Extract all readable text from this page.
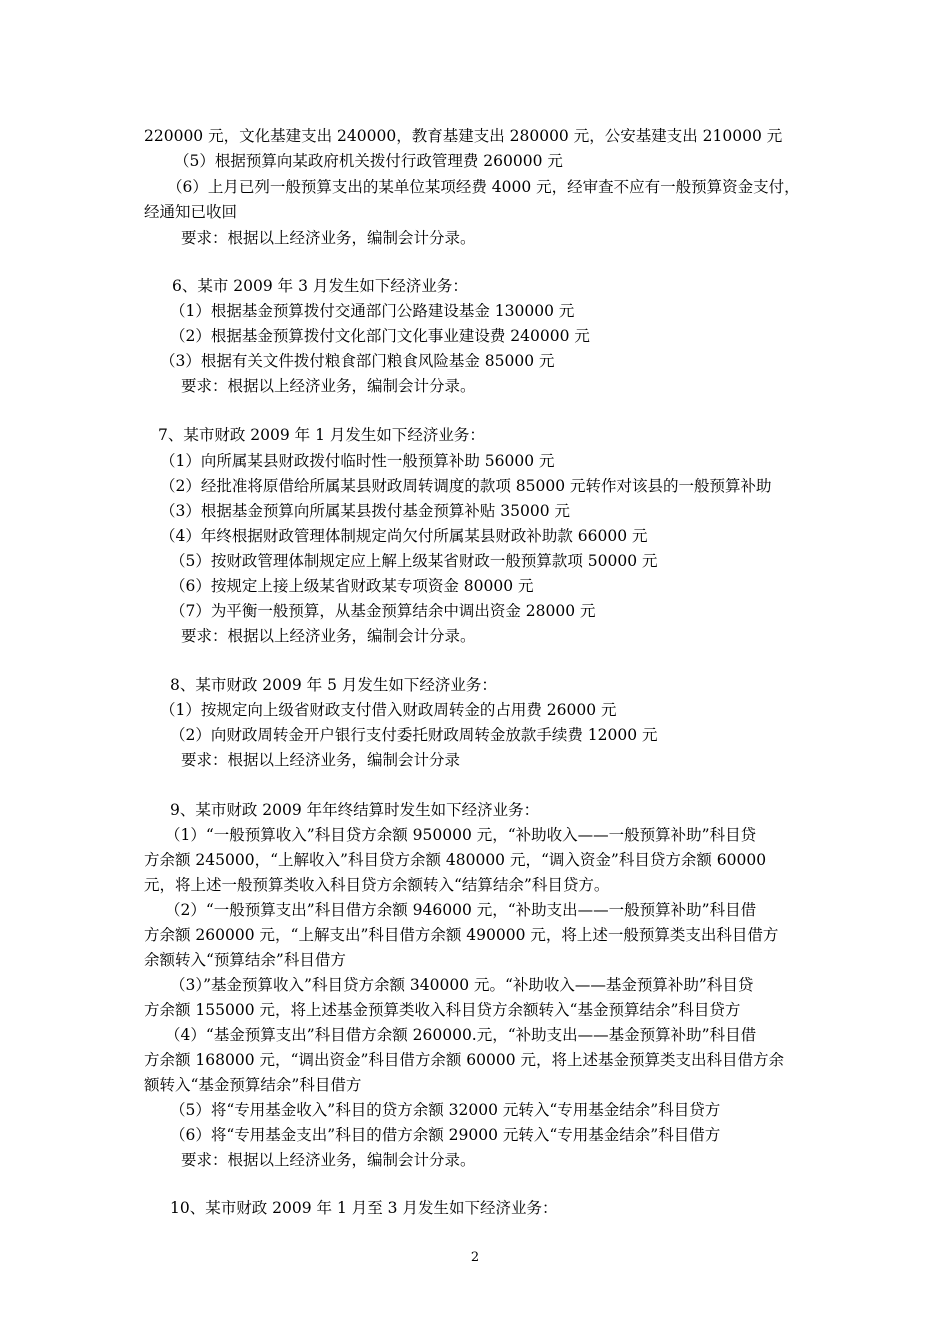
220000 元，文化基建支出 240000，教育基建支出 280000 元，公安基建支出 210000 元
（5）根据预算向某政府机关拨付行政管理费 260000 元
（6）上月已列一般预算支出的某单位某项经费 4000 元，经审查不应有一般预算资金支付，
经通知已收回
要求：根据以上经济业务，编制会计分录。
6、某市 2009 年 3 月发生如下经济业务：
（1）根据基金预算拨付交通部门公路建设基金 130000 元
（2）根据基金预算拨付文化部门文化事业建设费 240000 元
（3）根据有关文件拨付粮食部门粮食风险基金 85000 元
要求：根据以上经济业务，编制会计分录。
7、某市财政 2009 年 1 月发生如下经济业务：
（1）向所属某县财政拨付临时性一般预算补助 56000 元
（2）经批准将原借给所属某县财政周转调度的款项 85000 元转作对该县的一般预算补助
（3）根据基金预算向所属某县拨付基金预算补贴 35000 元
（4）年终根据财政管理体制规定尚欠付所属某县财政补助款 66000 元
（5）按财政管理体制规定应上解上级某省财政一般预算款项 50000 元
（6）按规定上接上级某省财政某专项资金 80000 元
（7）为平衡一般预算，从基金预算结余中调出资金 28000 元
要求：根据以上经济业务，编制会计分录。
8、某市财政 2009 年 5 月发生如下经济业务：
（1）按规定向上级省财政支付借入财政周转金的占用费 26000 元
（2）向财政周转金开户银行支付委托财政周转金放款手续费 12000 元
要求：根据以上经济业务，编制会计分录
9、某市财政 2009 年年终结算时发生如下经济业务：
（1）“一般预算收入”科目贷方余额 950000 元，“补助收入——一般预算补助”科目贷
方余额 245000，“上解收入”科目贷方余额 480000 元，“调入资金”科目贷方余额 60000
元，将上述一般预算类收入科目贷方余额转入“结算结余”科目贷方。
（2）“一般预算支出”科目借方余额 946000 元，“补助支出——一般预算补助”科目借
方余额 260000 元，“上解支出”科目借方余额 490000 元，将上述一般预算类支出科目借方
余额转入“预算结余”科目借方
（3）”基金预算收入”科目贷方余额 340000 元。“补助收入——基金预算补助”科目贷
方余额 155000 元，将上述基金预算类收入科目贷方余额转入“基金预算结余”科目贷方
（4）“基金预算支出”科目借方余额 260000.元，“补助支出——基金预算补助”科目借
方余额 168000 元，“调出资金”科目借方余额 60000 元，将上述基金预算类支出科目借方余
额转入“基金预算结余”科目借方
（5）将“专用基金收入”科目的贷方余额 32000 元转入“专用基金结余”科目贷方
（6）将“专用基金支出”科目的借方余额 29000 元转入“专用基金结余”科目借方
要求：根据以上经济业务，编制会计分录。
10、某市财政 2009 年 1 月至 3 月发生如下经济业务：
2
